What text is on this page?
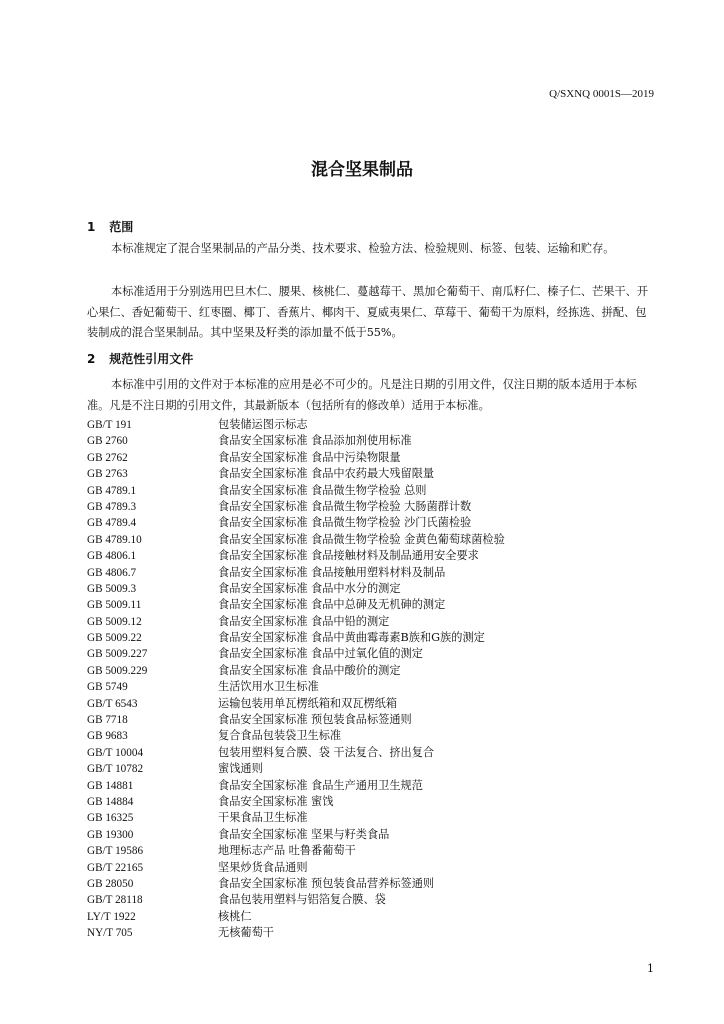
Q/SXNQ 0001S—2019
混合坚果制品
1 范围

本标准规定了混合坚果制品的产品分类、技术要求、检验方法、检验规则、标签、包装、运输和贮存。

本标准适用于分别选用巴旦木仁、腰果、核桃仁、蔓越莓干、黑加仑葡萄干、南瓜籽仁、榛子仁、芒果干、开心果仁、香妃葡萄干、红枣圈、椰丁、香蕉片、椰肉干、夏威夷果仁、草莓干、葡萄干为原料，经拣选、拼配、包装制成的混合坚果制品。其中坚果及籽类的添加量不低于55%。

2 规范性引用文件

本标准中引用的文件对于本标准的应用是必不可少的。凡是注日期的引用文件，仅注日期的版本适用于本标准。凡是不注日期的引用文件，其最新版本（包括所有的修改单）适用于本标准。

GB/T 191	包装储运图示标志
GB 2760	食品安全国家标准 食品添加剂使用标准
GB 2762	食品安全国家标准 食品中污染物限量
GB 2763	食品安全国家标准 食品中农药最大残留限量
GB 4789.1	食品安全国家标准 食品微生物学检验 总则
GB 4789.3	食品安全国家标准 食品微生物学检验 大肠菌群计数
GB 4789.4	食品安全国家标准 食品微生物学检验 沙门氏菌检验
GB 4789.10	食品安全国家标准 食品微生物学检验 金黄色葡萄球菌检验
GB 4806.1	食品安全国家标准 食品接触材料及制品通用安全要求
GB 4806.7	食品安全国家标准 食品接触用塑料材料及制品
GB 5009.3	食品安全国家标准 食品中水分的测定
GB 5009.11	食品安全国家标准 食品中总砷及无机砷的测定
GB 5009.12	食品安全国家标准 食品中铅的测定
GB 5009.22	食品安全国家标准 食品中黄曲霉毒素B族和G族的测定
GB 5009.227	食品安全国家标准 食品中过氧化值的测定
GB 5009.229	食品安全国家标准 食品中酸价的测定
GB 5749	生活饮用水卫生标准
GB/T 6543	运输包装用单瓦楞纸箱和双瓦楞纸箱
GB 7718	食品安全国家标准 预包装食品标签通则
GB 9683	复合食品包装袋卫生标准
GB/T 10004	包装用塑料复合膜、袋 干法复合、挤出复合
GB/T 10782	蜜饯通则
GB 14881	食品安全国家标准 食品生产通用卫生规范
GB 14884	食品安全国家标准 蜜饯
GB 16325	干果食品卫生标准
GB 19300	食品安全国家标准 坚果与籽类食品
GB/T 19586	地理标志产品 吐鲁番葡萄干
GB/T 22165	坚果炒货食品通则
GB 28050	食品安全国家标准 预包装食品营养标签通则
GB/T 28118	食品包装用塑料与铝箔复合膜、袋
LY/T 1922	核桃仁
NY/T 705	无核葡萄干
1
